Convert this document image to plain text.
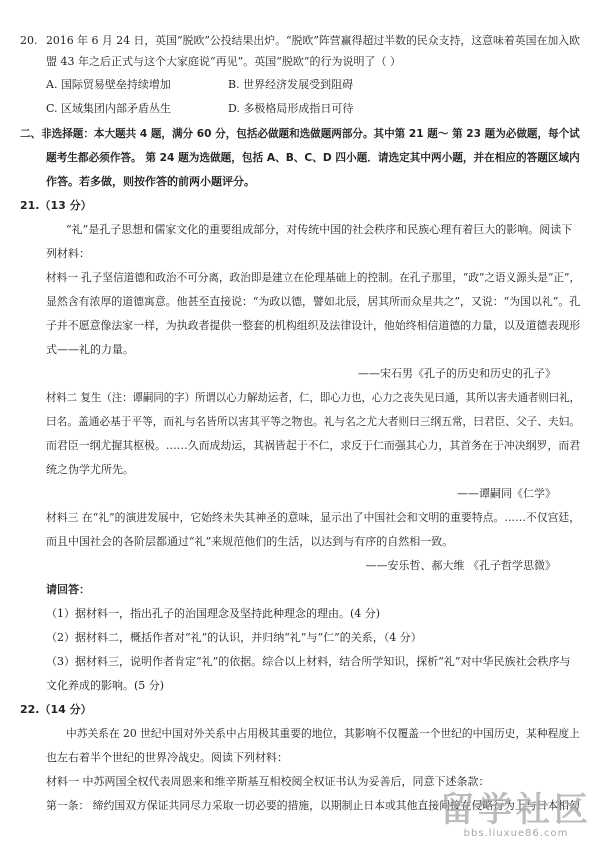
20. 2016 年 6 月 24 日，英国“脱欧”公投结果出炉。“脱欧”阵营赢得超过半数的民众支持，这意味着英国在加入欧
盟 43 年之后正式与这个大家庭说“再见”。英国“脱欧”的行为说明了（ ）
A. 国际贸易壁垒持续增加	B. 世界经济发展受到阻碍
C. 区域集团内部矛盾丛生	D. 多极格局形成指日可待
二、非选择题：本大题共 4 题，满分 60 分，包括必做题和选做题两部分。其中第 21 题～ 第 23 题为必做题，每个试
题考生都必须作答。 第 24 题为选做题，包括 A、B、C、D 四小题．请选定其中两小题，并在相应的答题区域内
作答。若多做，则按作答的前两小题评分。
21.（13 分）
“礼”是孔子思想和儒家文化的重要组成部分，对传统中国的社会秩序和民族心理有着巨大的影响。阅读下
列材料：
材料一 孔子坚信道德和政治不可分离，政治即是建立在伦理基础上的控制。在孔子那里，“政”之语义源头是“正”，
显然含有浓厚的道德寓意。他甚至直接说：“为政以德，譬如北辰，居其所而众星共之”，又说：“为国以礼”。孔
子并不愿意像法家一样，为执政者提供一整套的机构组织及法律设计，他始终相信道德的力量，以及道德表现形
式——礼的力量。
——宋石男《孔子的历史和历史的孔子》
材料二 复生（注：谭嗣同的字）所谓以心力解劫运者，仁，即心力也，心力之丧失见曰通，其所以害夫通者则曰礼，
曰名。盖通必基于平等，而礼与名皆所以害其平等之物也。礼与名之尤大者则曰三纲五常，曰君臣、父子、夫妇。
而君臣一纲尤握其枢极。……久而成劫运，其祸皆起于不仁，求反于仁而强其心力，其首务在于冲决纲罗，而君
统之伪学尤所先。
——谭嗣同《仁学》
材料三 在“礼”的演进发展中，它始终未失其神圣的意味，显示出了中国社会和文明的重要特点。……不仅宫廷，
而且中国社会的各阶层都通过“礼”来规范他们的生活，以达到与有序的自然相一致。
——安乐哲、郝大维 《孔子哲学思微》
请回答：
（1）据材料一，指出孔子的治国理念及坚持此种理念的理由。(4 分)
（2）据材料二，概括作者对“礼”的认识，并归纳“礼”与“仁”的关系，（4 分）
（3）据材料三，说明作者肯定“礼”的依据。综合以上材料，结合所学知识，探析“礼”对中华民族社会秩序与
文化养成的影响。(5 分)
22.（14 分）
中苏关系在 20 世纪中国对外关系中占用极其重要的地位，其影响不仅覆盖一个世纪的中国历史，某种程度上
也左右着半个世纪的世界冷战史。阅读下列材料：
材料一 中苏两国全权代表周恩来和维辛斯基互相校阅全权证书认为妥善后，同意下述条款：
第一条： 缔约国双方保证共同尽力采取一切必要的措施，以期制止日本或其他直接间接在侵略行为上与日本相勾
留学社区
bbs.liuxue86.com
